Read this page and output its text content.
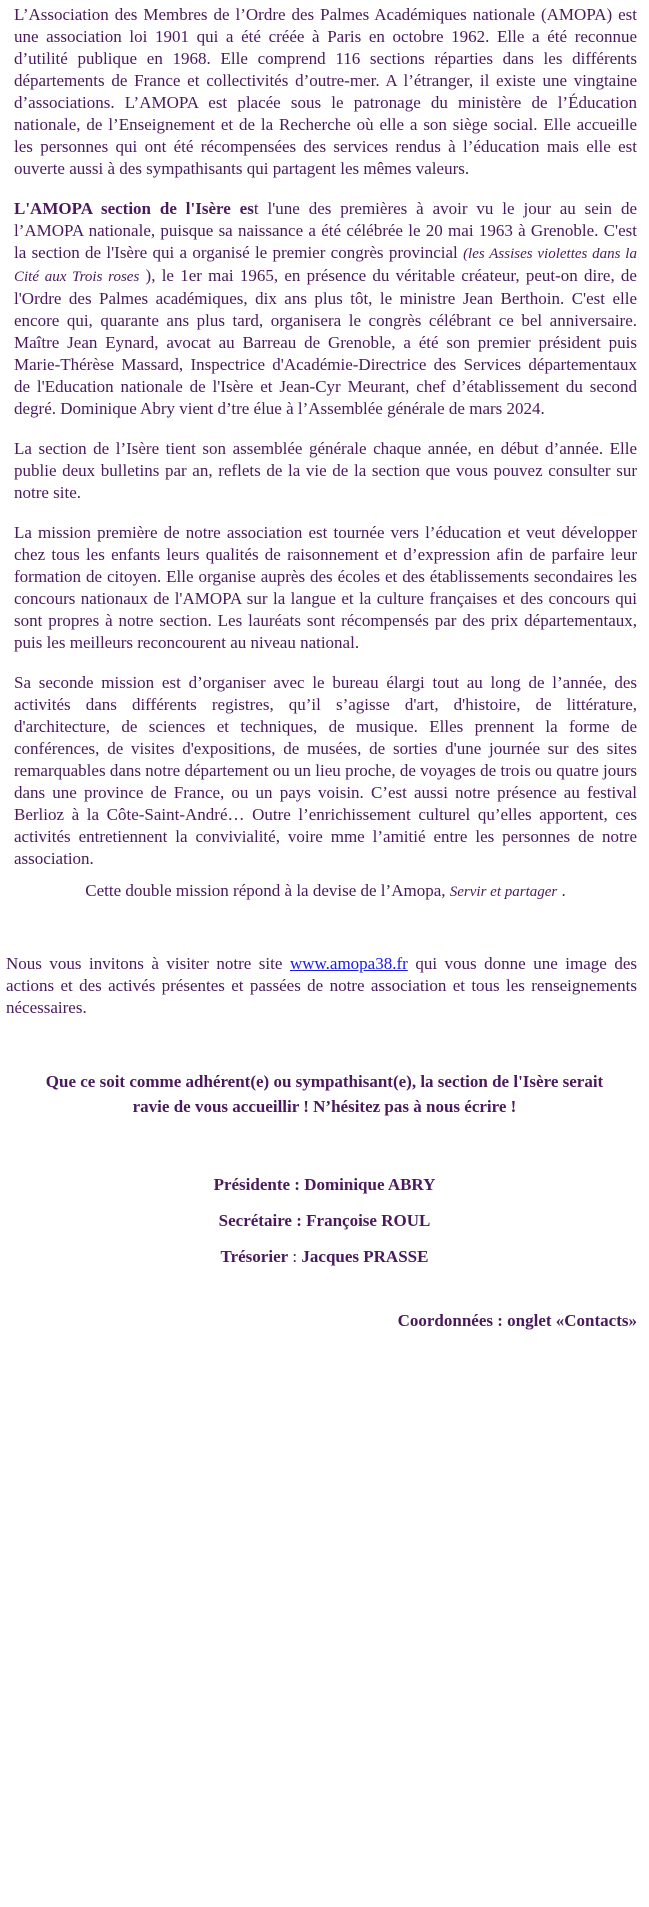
L’Association des Membres de l’Ordre des Palmes Académiques nationale (AMOPA) est une association loi 1901 qui a été créée à Paris en octobre 1962. Elle a été reconnue d’utilité publique en 1968. Elle comprend 116 sections réparties dans les différents départements de France et collectivités d’outre-mer. A l’étranger, il existe une vingtaine d’associations. L’AMOPA est placée sous le patronage du ministère de l’Éducation nationale, de l’Enseignement et de la Recherche où elle a son siège social. Elle accueille les personnes qui ont été récompensées des services rendus à l’éducation mais elle est ouverte aussi à des sympathisants qui partagent les mêmes valeurs.

L'AMOPA section de l'Isère est l'une des premières à avoir vu le jour au sein de l’AMOPA nationale, puisque sa naissance a été célébrée le 20 mai 1963 à Grenoble. C'est la section de l'Isère qui a organisé le premier congrès provincial (les Assises violettes dans la Cité aux Trois roses ), le 1er mai 1965, en présence du véritable créateur, peut-on dire, de l'Ordre des Palmes académiques, dix ans plus tôt, le ministre Jean Berthoin. C'est elle encore qui, quarante ans plus tard, organisera le congrès célébrant ce bel anniversaire. Maître Jean Eynard, avocat au Barreau de Grenoble, a été son premier président puis Marie-Thérèse Massard, Inspectrice d'Académie-Directrice des Services départementaux de l'Education nationale de l'Isère et Jean-Cyr Meurant, chef d’établissement du second degré. Dominique Abry vient d’tre élue à l’Assemblée générale de mars 2024.

La section de l’Isère tient son assemblée générale chaque année, en début d’année. Elle publie deux bulletins par an, reflets de la vie de la section que vous pouvez consulter sur notre site.

La mission première de notre association est tournée vers l’éducation et veut développer chez tous les enfants leurs qualités de raisonnement et d’expression afin de parfaire leur formation de citoyen. Elle organise auprès des écoles et des établissements secondaires les concours nationaux de l'AMOPA sur la langue et la culture françaises et des concours qui sont propres à notre section. Les lauréats sont récompensés par des prix départementaux, puis les meilleurs reconcourent au niveau national.

Sa seconde mission est d’organiser avec le bureau élargi tout au long de l’année, des activités dans différents registres, qu’il s’agisse d'art, d'histoire, de littérature, d'architecture, de sciences et techniques, de musique. Elles prennent la forme de conférences, de visites d'expositions, de musées, de sorties d'une journée sur des sites remarquables dans notre département ou un lieu proche, de voyages de trois ou quatre jours dans une province de France, ou un pays voisin. C’est aussi notre présence au festival Berlioz à la Côte-Saint-André… Outre l’enrichissement culturel qu’elles apportent, ces activités entretiennent la convivialité, voire mme l’amitié entre les personnes de notre association.

Cette double mission répond à la devise de l’Amopa, Servir et partager .

Nous vous invitons à visiter notre site www.amopa38.fr qui vous donne une image des actions et des activés présentes et passées de notre association et tous les renseignements nécessaires.

Que ce soit comme adhérent(e) ou sympathisant(e), la section de l'Isère serait ravie de vous accueillir ! N’hésitez pas à nous écrire !
Présidente : Dominique ABRY
Secrétaire : Françoise ROUL
Trésorier : Jacques PRASSE
Coordonnées : onglet «Contacts»
